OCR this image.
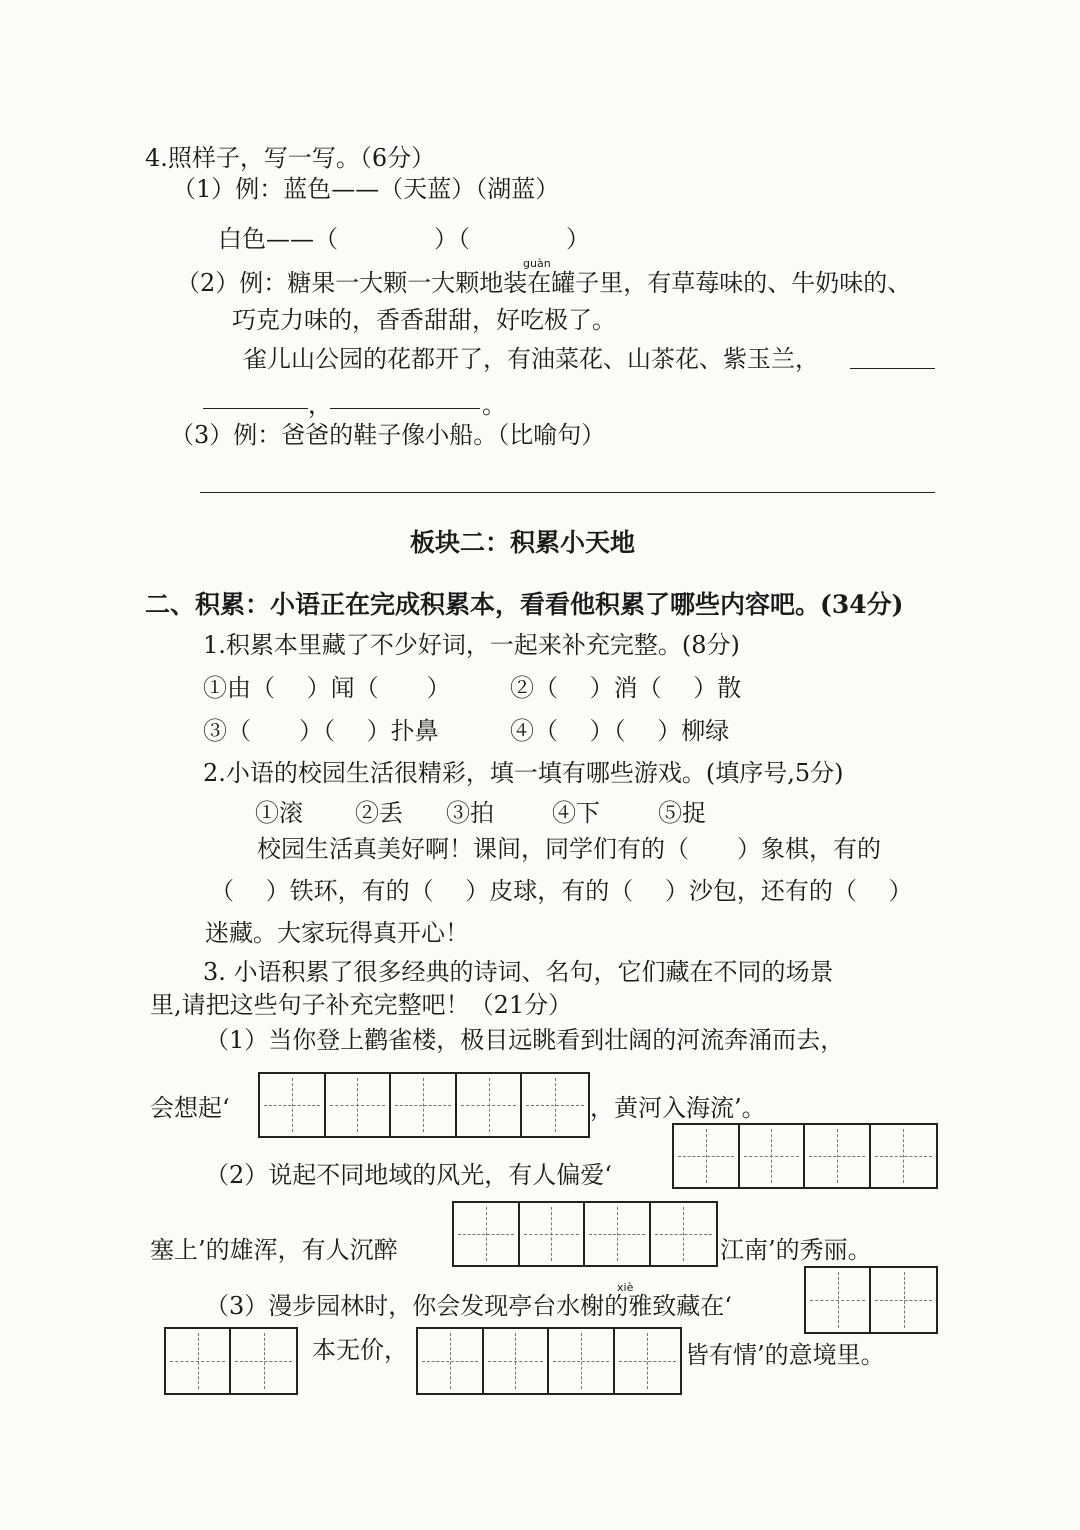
4.照样子，写一写。（6分）
（1）例：蓝色——（天蓝）（湖蓝）
白色——（　　　　）（　　　　）
guàn
（2）例：糖果一大颗一大颗地装在罐子里，有草莓味的、牛奶味的、
巧克力味的，香香甜甜，好吃极了。
雀儿山公园的花都开了，有油菜花、山茶花、紫玉兰，
，	。
（3）例：爸爸的鞋子像小船。（比喻句）
板块二：积累小天地
二、积累：小语正在完成积累本，看看他积累了哪些内容吧。(34分)
1.积累本里藏了不少好词，一起来补充完整。(8分)
①由（　 ）闻（　　） ②（　 ）消（　 ）散
③（　　）（　 ）扑鼻	④（　 ）（　 ）柳绿
2.小语的校园生活很精彩，填一填有哪些游戏。(填序号,5分)
①滚 ②丢 ③拍 ④下 ⑤捉
校园生活真美好啊！课间，同学们有的（　　）象棋，有的
（　 ）铁环，有的（　 ）皮球，有的（　 ）沙包，还有的（　 ）
迷藏。大家玩得真开心！
3. 小语积累了很多经典的诗词、名句，它们藏在不同的场景
里,请把这些句子补充完整吧！（21分）
（1）当你登上鹳雀楼，极目远眺看到壮阔的河流奔涌而去，
会想起‘	，黄河入海流’。
（2）说起不同地域的风光，有人偏爱‘
塞上’的雄浑，有人沉醉	江南’的秀丽。
xiè
（3）漫步园林时，你会发现亭台水榭的雅致藏在‘
本无价，	皆有情’的意境里。
